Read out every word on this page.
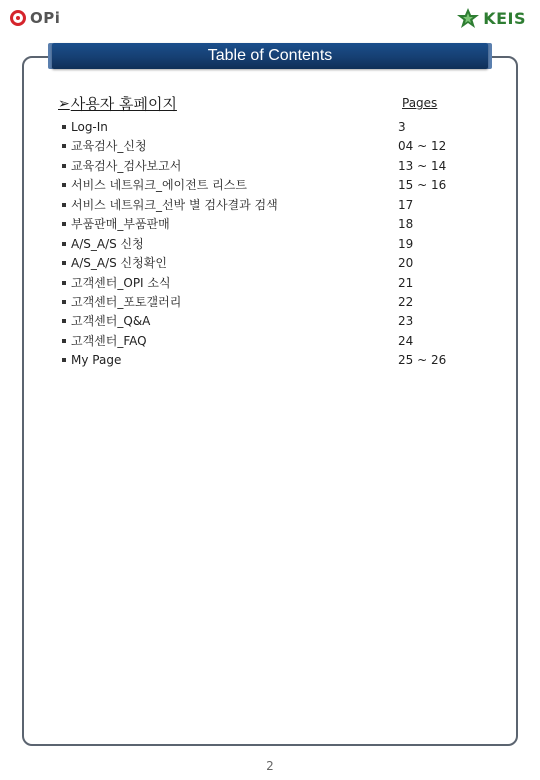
OPi	KEIS
Table of Contents
➢ 사용자 홈페이지	Pages
Log-In	3
교육검사_신청	04 ~ 12
교육검사_검사보고서	13 ~ 14
서비스 네트워크_에이전트 리스트	15 ~ 16
서비스 네트워크_선박 별 검사결과 검색	17
부품판매_부품판매	18
A/S_A/S 신청	19
A/S_A/S 신청확인	20
고객센터_OPI 소식	21
고객센터_포토갤러리	22
고객센터_Q&A	23
고객센터_FAQ	24
My Page	25 ~ 26
2
